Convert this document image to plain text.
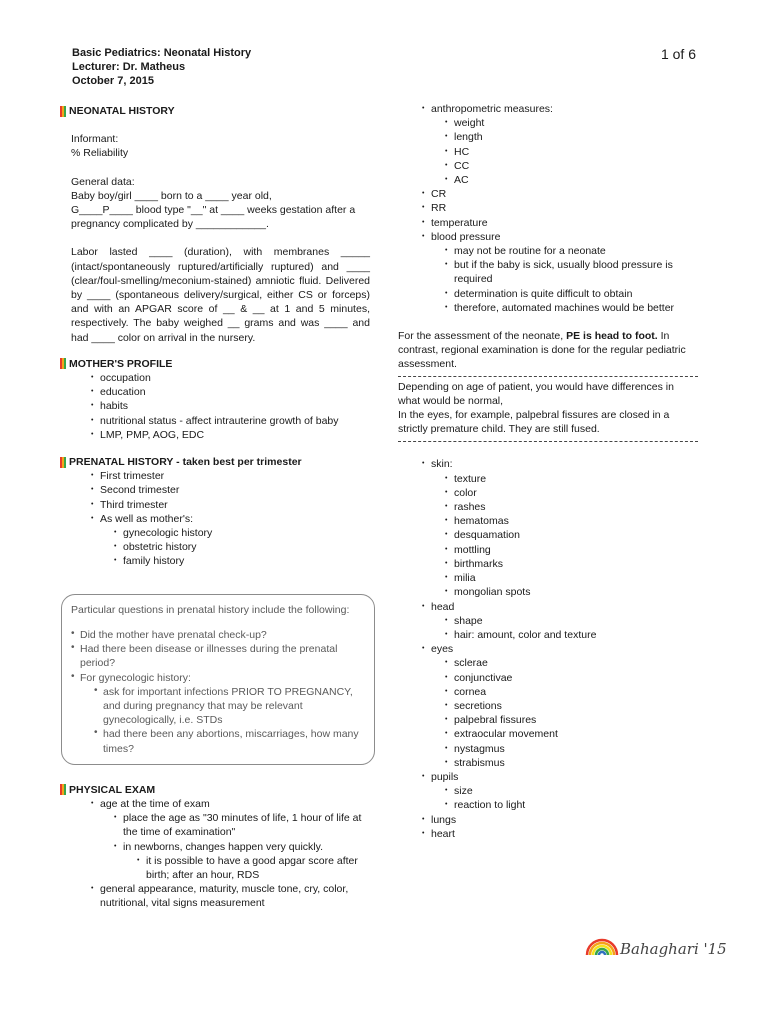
Basic Pediatrics: Neonatal History
Lecturer: Dr. Matheus
October 7, 2015
1 of 6
NEONATAL HISTORY
Informant:
% Reliability
General data:
Baby boy/girl ____ born to a ____ year old,
G____P____ blood type "__" at ____ weeks gestation after a pregnancy complicated by ____________.
Labor lasted ____ (duration), with membranes _____ (intact/spontaneously ruptured/artificially ruptured) and ____ (clear/foul-smelling/meconium-stained) amniotic fluid. Delivered by ____ (spontaneous delivery/surgical, either CS or forceps) and with an APGAR score of __ & __ at 1 and 5 minutes, respectively. The baby weighed __ grams and was ____ and had ____ color on arrival in the nursery.
MOTHER'S PROFILE
• occupation
• education
• habits
• nutritional status - affect intrauterine growth of baby
• LMP, PMP, AOG, EDC
PRENATAL HISTORY - taken best per trimester
• First trimester
• Second trimester
• Third trimester
• As well as mother's:
• gynecologic history
• obstetric history
• family history
Particular questions in prenatal history include the following:
• Did the mother have prenatal check-up?
• Had there been disease or illnesses during the prenatal period?
• For gynecologic history:
• ask for important infections PRIOR TO PREGNANCY, and during pregnancy that may be relevant gynecologically, i.e. STDs
• had there been any abortions, miscarriages, how many times?
PHYSICAL EXAM
• age at the time of exam
• place the age as "30 minutes of life, 1 hour of life at the time of examination"
• in newborns, changes happen very quickly.
• it is possible to have a good apgar score after birth; after an hour, RDS
• general appearance, maturity, muscle tone, cry, color, nutritional, vital signs measurement
• anthropometric measures:
• weight
• length
• HC
• CC
• AC
• CR
• RR
• temperature
• blood pressure
• may not be routine for a neonate
• but if the baby is sick, usually blood pressure is required
• determination is quite difficult to obtain
• therefore, automated machines would be better
For the assessment of the neonate, PE is head to foot. In contrast, regional examination is done for the regular pediatric assessment.
Depending on age of patient, you would have differences in what would be normal,
In the eyes, for example, palpebral fissures are closed in a strictly premature child. They are still fused.
• skin:
• texture
• color
• rashes
• hematomas
• desquamation
• mottling
• birthmarks
• milia
• mongolian spots
• head
• shape
• hair: amount, color and texture
• eyes
• sclerae
• conjunctivae
• cornea
• secretions
• palpebral fissures
• extraocular movement
• nystagmus
• strabismus
• pupils
• size
• reaction to light
• lungs
• heart
Bahaghari '15
